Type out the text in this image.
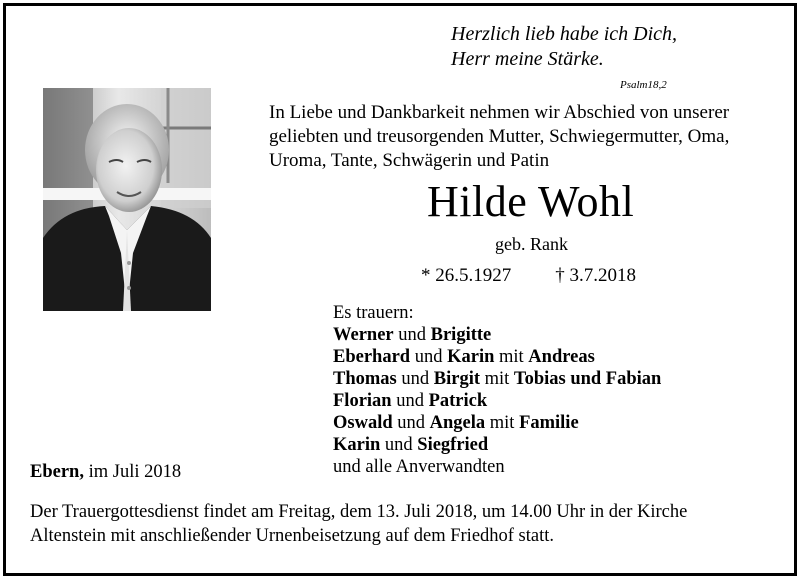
Herzlich lieb habe ich Dich,
Herr meine Stärke.
Psalm18,2
In Liebe und Dankbarkeit nehmen wir Abschied von unserer
geliebten und treusorgenden Mutter, Schwiegermutter, Oma,
Uroma, Tante, Schwägerin und Patin
Hilde Wohl
geb. Rank
* 26.5.1927 † 3.7.2018
Es trauern:
Werner und Brigitte
Eberhard und Karin mit Andreas
Thomas und Birgit mit Tobias und Fabian
Florian und Patrick
Oswald und Angela mit Familie
Karin und Siegfried
und alle Anverwandten
Ebern, im Juli 2018
Der Trauergottesdienst findet am Freitag, dem 13. Juli 2018, um 14.00 Uhr in der Kirche
Altenstein mit anschließender Urnenbeisetzung auf dem Friedhof statt.
